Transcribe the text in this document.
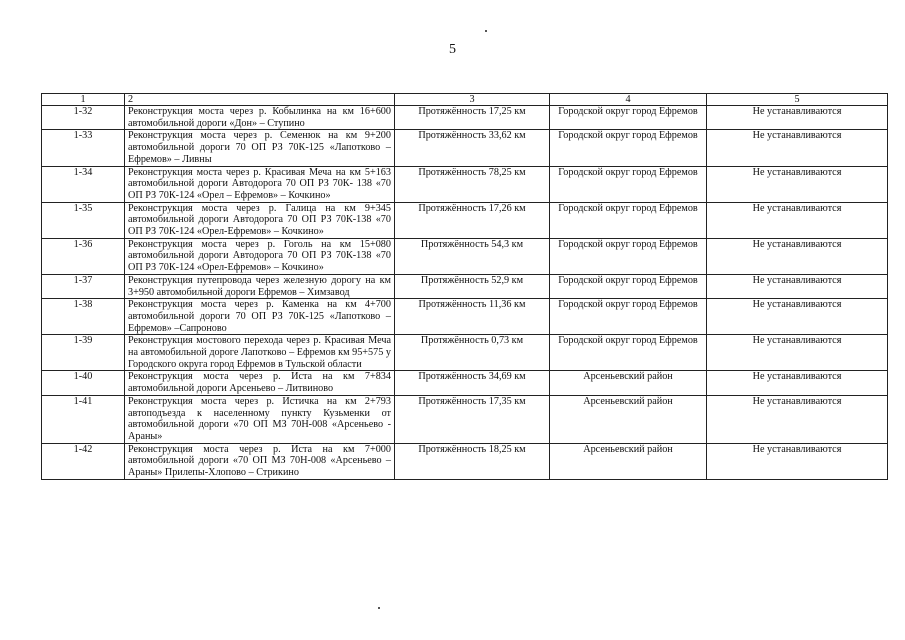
5
1	2	3	4	5
1-32	Реконструкция моста через р. Кобылинка на км 16+600 автомобильной дороги «Дон» – Ступино	Протяжённость 17,25 км	Городской округ город Ефремов	Не устанавливаются
1-33	Реконструкция моста через р. Семенюк на км 9+200 автомобильной дороги 70 ОП РЗ 70К-125 «Лапотково – Ефремов» – Ливны	Протяжённость 33,62 км	Городской округ город Ефремов	Не устанавливаются
1-34	Реконструкция моста через р. Красивая Меча на км 5+163 автомобильной дороги Автодорога 70 ОП РЗ 70К- 138 «70 ОП РЗ 70К-124 «Орел – Ефремов» – Кочкино»	Протяжённость 78,25 км	Городской округ город Ефремов	Не устанавливаются
1-35	Реконструкция моста через р. Галица на км 9+345 автомобильной дороги Автодорога 70 ОП РЗ 70К-138 «70 ОП РЗ 70К-124 «Орел-Ефремов» – Кочкино»	Протяжённость 17,26 км	Городской округ город Ефремов	Не устанавливаются
1-36	Реконструкция моста через р. Гоголь на км 15+080 автомобильной дороги Автодорога 70 ОП РЗ 70К-138 «70 ОП РЗ 70К-124 «Орел-Ефремов» – Кочкино»	Протяжённость 54,3 км	Городской округ город Ефремов	Не устанавливаются
1-37	Реконструкция путепровода через железную дорогу на км 3+950 автомобильной дороги Ефремов – Химзавод	Протяжённость 52,9 км	Городской округ город Ефремов	Не устанавливаются
1-38	Реконструкция моста через р. Каменка на км 4+700 автомобильной дороги 70 ОП РЗ 70К-125 «Лапотково – Ефремов» –Сапроново	Протяжённость 11,36 км	Городской округ город Ефремов	Не устанавливаются
1-39	Реконструкция мостового перехода через р. Красивая Меча на автомобильной дороге Лапотково – Ефремов км 95+575 у Городского округа город Ефремов в Тульской области	Протяжённость 0,73 км	Городской округ город Ефремов	Не устанавливаются
1-40	Реконструкция моста через р. Иста на км 7+834 автомобильной дороги Арсеньево – Литвиново	Протяжённость 34,69 км	Арсеньевский район	Не устанавливаются
1-41	Реконструкция моста через р. Истичка на км 2+793 автоподъезда к населенному пункту Кузьменки от автомобильной дороги «70 ОП МЗ 70Н-008 «Арсеньево - Араны»	Протяжённость 17,35 км	Арсеньевский район	Не устанавливаются
1-42	Реконструкция моста через р. Иста на км 7+000 автомобильной дороги «70 ОП МЗ 70Н-008 «Арсеньево – Араны» Прилепы-Хлопово – Стрикино	Протяжённость 18,25 км	Арсеньевский район	Не устанавливаются
